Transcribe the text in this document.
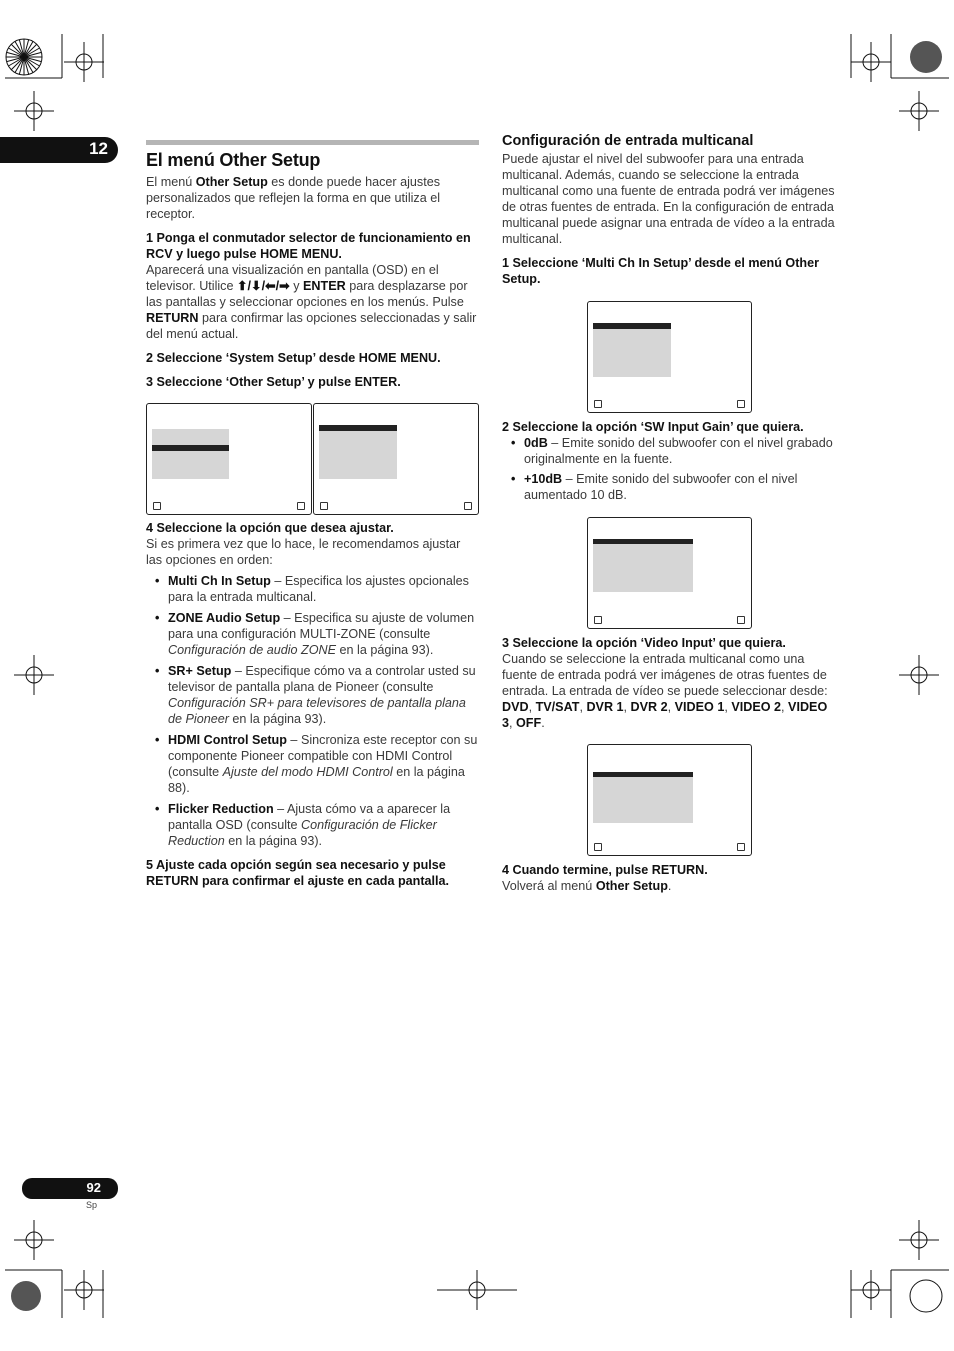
12
El menú Other Setup

El menú Other Setup es donde puede hacer ajustes personalizados que reflejen la forma en que utiliza el receptor.

1 Ponga el conmutador selector de funcionamiento en RCV y luego pulse HOME MENU.

Aparecerá una visualización en pantalla (OSD) en el televisor. Utilice ⬆/⬇/⬅/➡ y ENTER para desplazarse por las pantallas y seleccionar opciones en los menús. Pulse RETURN para confirmar las opciones seleccionadas y salir del menú actual.

2 Seleccione ‘System Setup’ desde HOME MENU.

3 Seleccione ‘Other Setup’ y pulse ENTER.

4 Seleccione la opción que desea ajustar.

Si es primera vez que lo hace, le recomendamos ajustar las opciones en orden:

• Multi Ch In Setup – Especifica los ajustes opcionales para la entrada multicanal.
• ZONE Audio Setup – Especifica su ajuste de volumen para una configuración MULTI-ZONE (consulte Configuración de audio ZONE en la página 93).
• SR+ Setup – Especifique cómo va a controlar usted su televisor de pantalla plana de Pioneer (consulte Configuración SR+ para televisores de pantalla plana de Pioneer en la página 93).
• HDMI Control Setup – Sincroniza este receptor con su componente Pioneer compatible con HDMI Control (consulte Ajuste del modo HDMI Control en la página 88).
• Flicker Reduction – Ajusta cómo va a aparecer la pantalla OSD (consulte Configuración de Flicker Reduction en la página 93).

5 Ajuste cada opción según sea necesario y pulse RETURN para confirmar el ajuste en cada pantalla.

Configuración de entrada multicanal

Puede ajustar el nivel del subwoofer para una entrada multicanal. Además, cuando se seleccione la entrada multicanal como una fuente de entrada podrá ver imágenes de otras fuentes de entrada. En la configuración de entrada multicanal puede asignar una entrada de vídeo a la entrada multicanal.

1 Seleccione ‘Multi Ch In Setup’ desde el menú Other Setup.

2 Seleccione la opción ‘SW Input Gain’ que quiera.

• 0dB – Emite sonido del subwoofer con el nivel grabado originalmente en la fuente.
• +10dB – Emite sonido del subwoofer con el nivel aumentado 10 dB.

3 Seleccione la opción ‘Video Input’ que quiera.

Cuando se seleccione la entrada multicanal como una fuente de entrada podrá ver imágenes de otras fuentes de entrada. La entrada de vídeo se puede seleccionar desde: DVD, TV/SAT, DVR 1, DVR 2, VIDEO 1, VIDEO 2, VIDEO 3, OFF.

4 Cuando termine, pulse RETURN.

Volverá al menú Other Setup.

92
Sp
